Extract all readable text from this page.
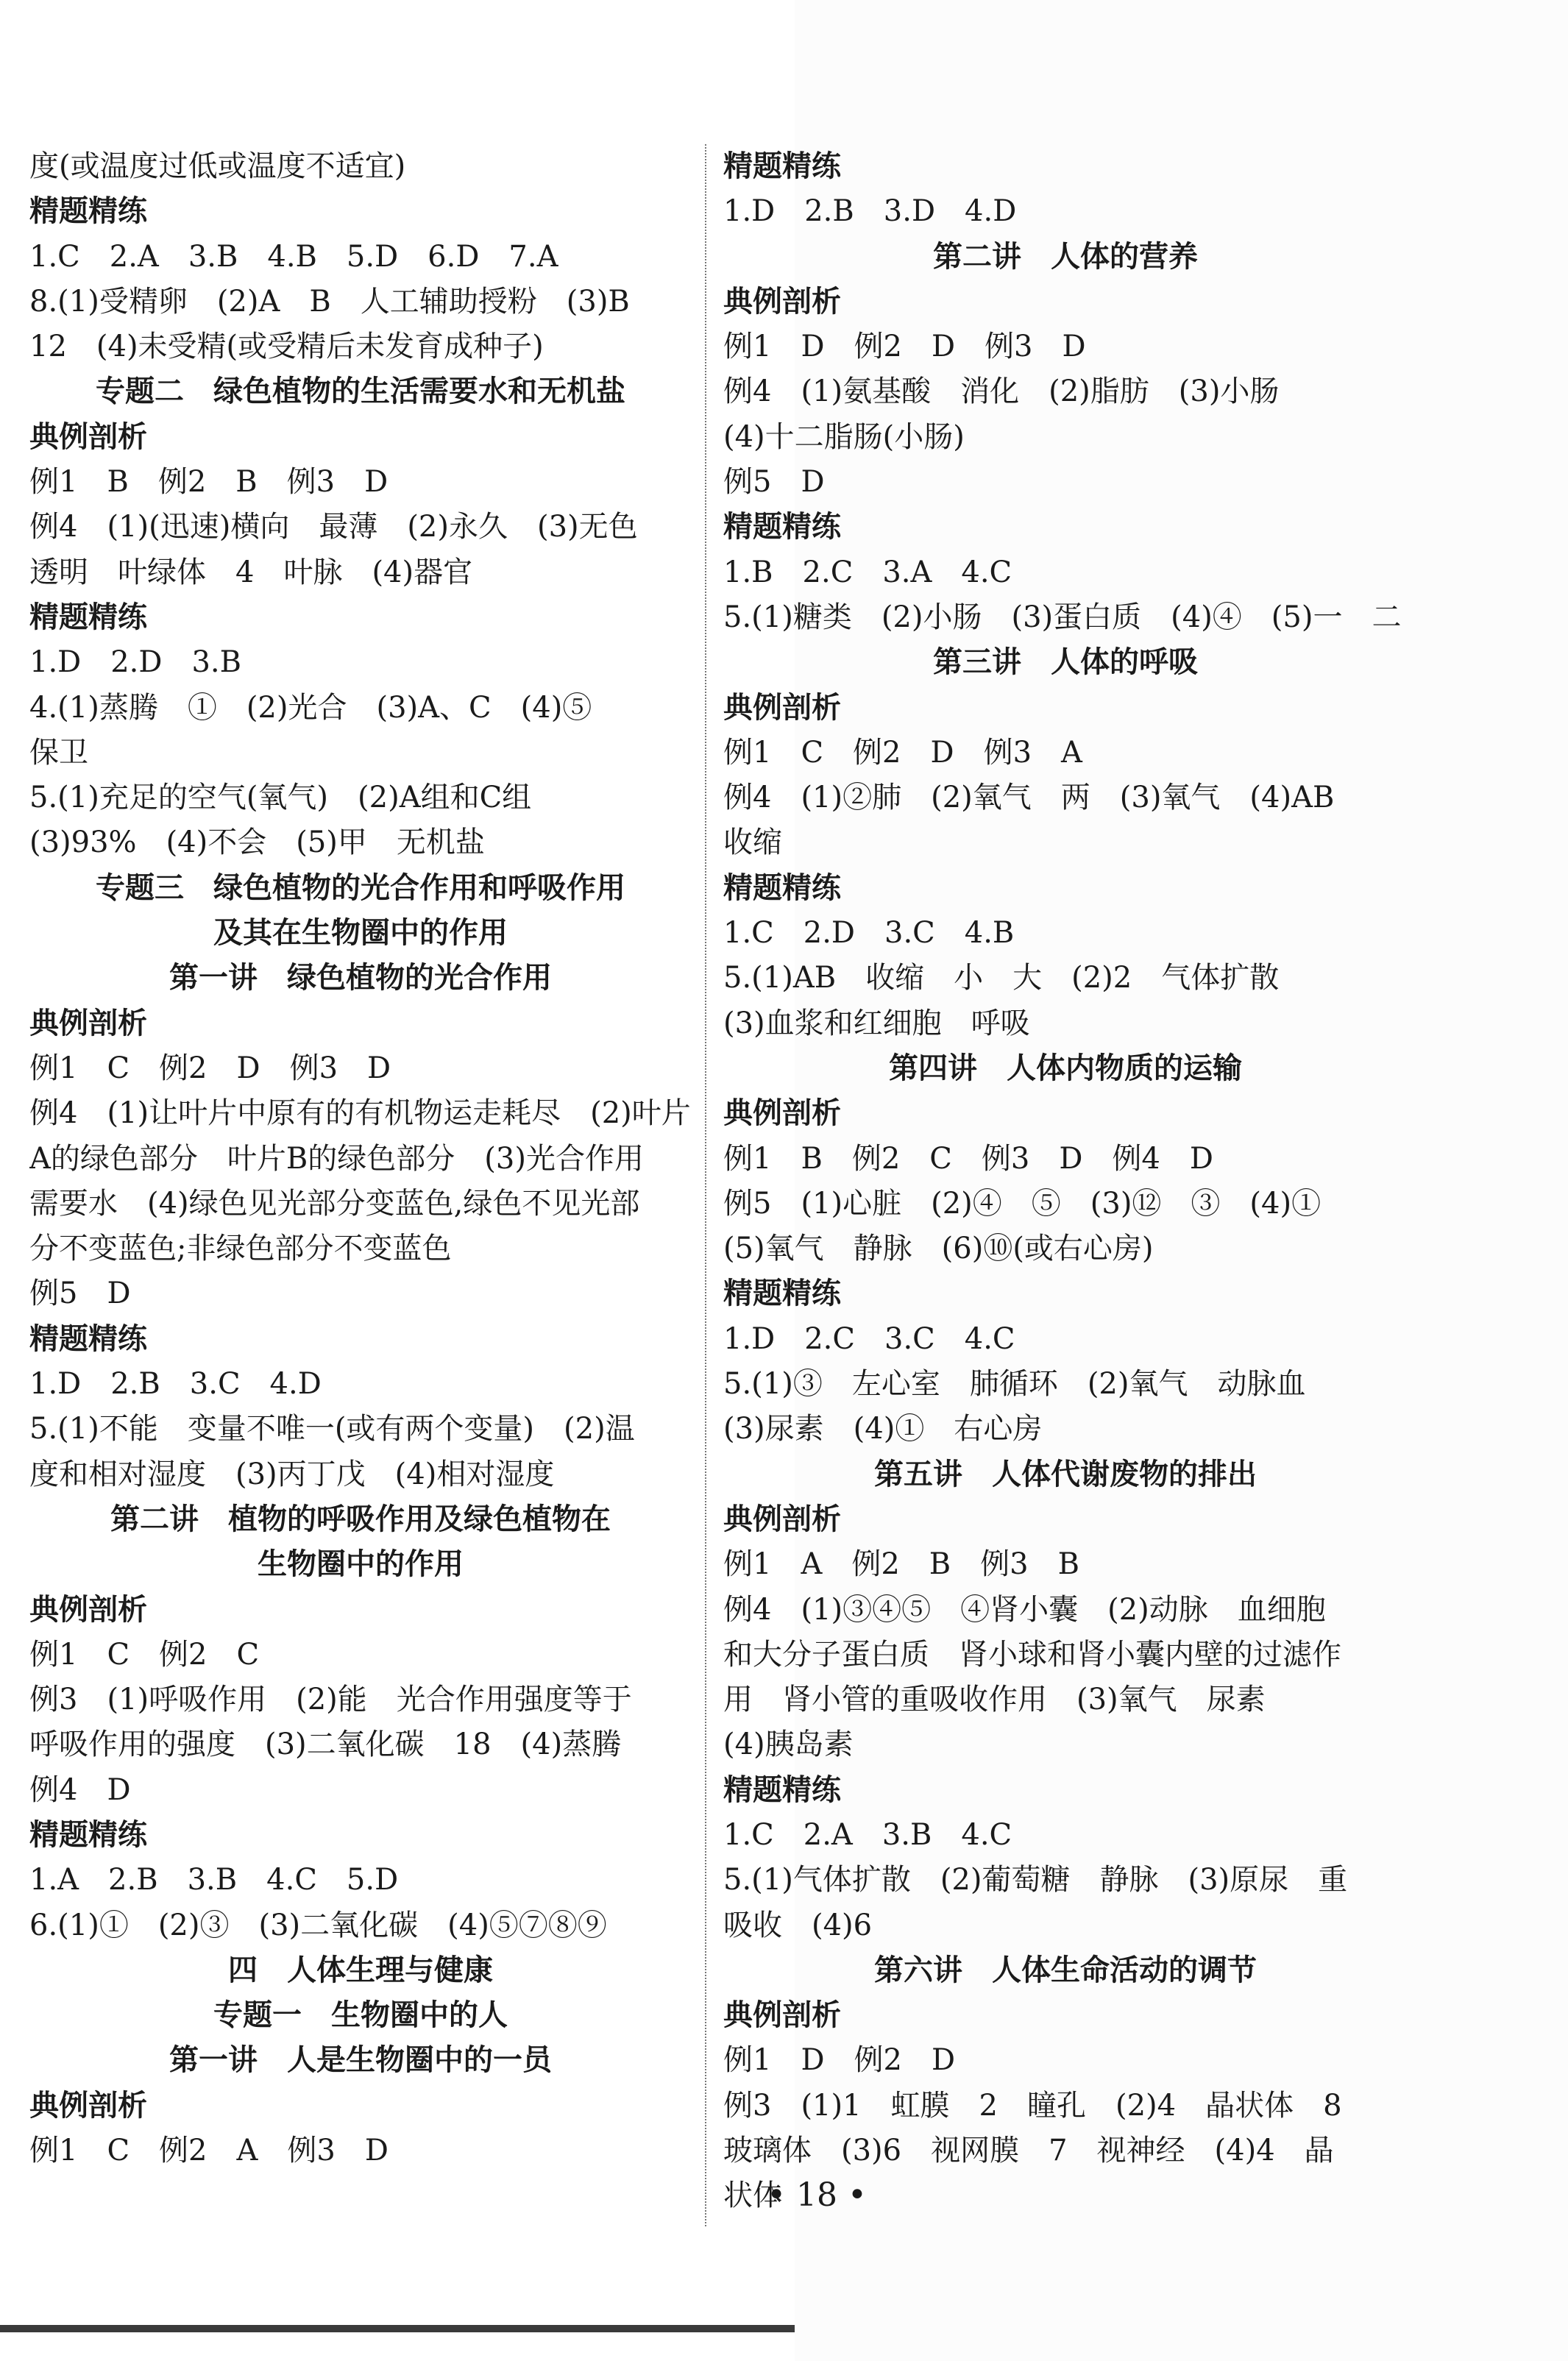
度(或温度过低或温度不适宜)
精题精练
1.C　2.A　3.B　4.B　5.D　6.D　7.A
8.(1)受精卵　(2)A　B　人工辅助授粉　(3)B
12　(4)未受精(或受精后未发育成种子)
专题二　绿色植物的生活需要水和无机盐
典例剖析
例1　B　例2　B　例3　D
例4　(1)(迅速)横向　最薄　(2)永久　(3)无色
透明　叶绿体　4　叶脉　(4)器官
精题精练
1.D　2.D　3.B
4.(1)蒸腾　①　(2)光合　(3)A、C　(4)⑤
保卫
5.(1)充足的空气(氧气)　(2)A组和C组
(3)93%　(4)不会　(5)甲　无机盐
专题三　绿色植物的光合作用和呼吸作用
及其在生物圈中的作用
第一讲　绿色植物的光合作用
典例剖析
例1　C　例2　D　例3　D
例4　(1)让叶片中原有的有机物运走耗尽　(2)叶片
A的绿色部分　叶片B的绿色部分　(3)光合作用
需要水　(4)绿色见光部分变蓝色,绿色不见光部
分不变蓝色;非绿色部分不变蓝色
例5　D
精题精练
1.D　2.B　3.C　4.D
5.(1)不能　变量不唯一(或有两个变量)　(2)温
度和相对湿度　(3)丙丁戊　(4)相对湿度
第二讲　植物的呼吸作用及绿色植物在
生物圈中的作用
典例剖析
例1　C　例2　C
例3　(1)呼吸作用　(2)能　光合作用强度等于
呼吸作用的强度　(3)二氧化碳　18　(4)蒸腾
例4　D
精题精练
1.A　2.B　3.B　4.C　5.D
6.(1)①　(2)③　(3)二氧化碳　(4)⑤⑦⑧⑨
四　人体生理与健康
专题一　生物圈中的人
第一讲　人是生物圈中的一员
典例剖析
例1　C　例2　A　例3　D
精题精练
1.D　2.B　3.D　4.D
第二讲　人体的营养
典例剖析
例1　D　例2　D　例3　D
例4　(1)氨基酸　消化　(2)脂肪　(3)小肠
(4)十二脂肠(小肠)
例5　D
精题精练
1.B　2.C　3.A　4.C
5.(1)糖类　(2)小肠　(3)蛋白质　(4)④　(5)一　二
第三讲　人体的呼吸
典例剖析
例1　C　例2　D　例3　A
例4　(1)②肺　(2)氧气　两　(3)氧气　(4)AB
收缩
精题精练
1.C　2.D　3.C　4.B
5.(1)AB　收缩　小　大　(2)2　气体扩散
(3)血浆和红细胞　呼吸
第四讲　人体内物质的运输
典例剖析
例1　B　例2　C　例3　D　例4　D
例5　(1)心脏　(2)④　⑤　(3)⑫　③　(4)①
(5)氧气　静脉　(6)⑩(或右心房)
精题精练
1.D　2.C　3.C　4.C
5.(1)③　左心室　肺循环　(2)氧气　动脉血
(3)尿素　(4)①　右心房
第五讲　人体代谢废物的排出
典例剖析
例1　A　例2　B　例3　B
例4　(1)③④⑤　④肾小囊　(2)动脉　血细胞
和大分子蛋白质　肾小球和肾小囊内壁的过滤作
用　肾小管的重吸收作用　(3)氧气　尿素
(4)胰岛素
精题精练
1.C　2.A　3.B　4.C
5.(1)气体扩散　(2)葡萄糖　静脉　(3)原尿　重
吸收　(4)6
第六讲　人体生命活动的调节
典例剖析
例1　D　例2　D
例3　(1)1　虹膜　2　瞳孔　(2)4　晶状体　8
玻璃体　(3)6　视网膜　7　视神经　(4)4　晶
状体
• 18 •
